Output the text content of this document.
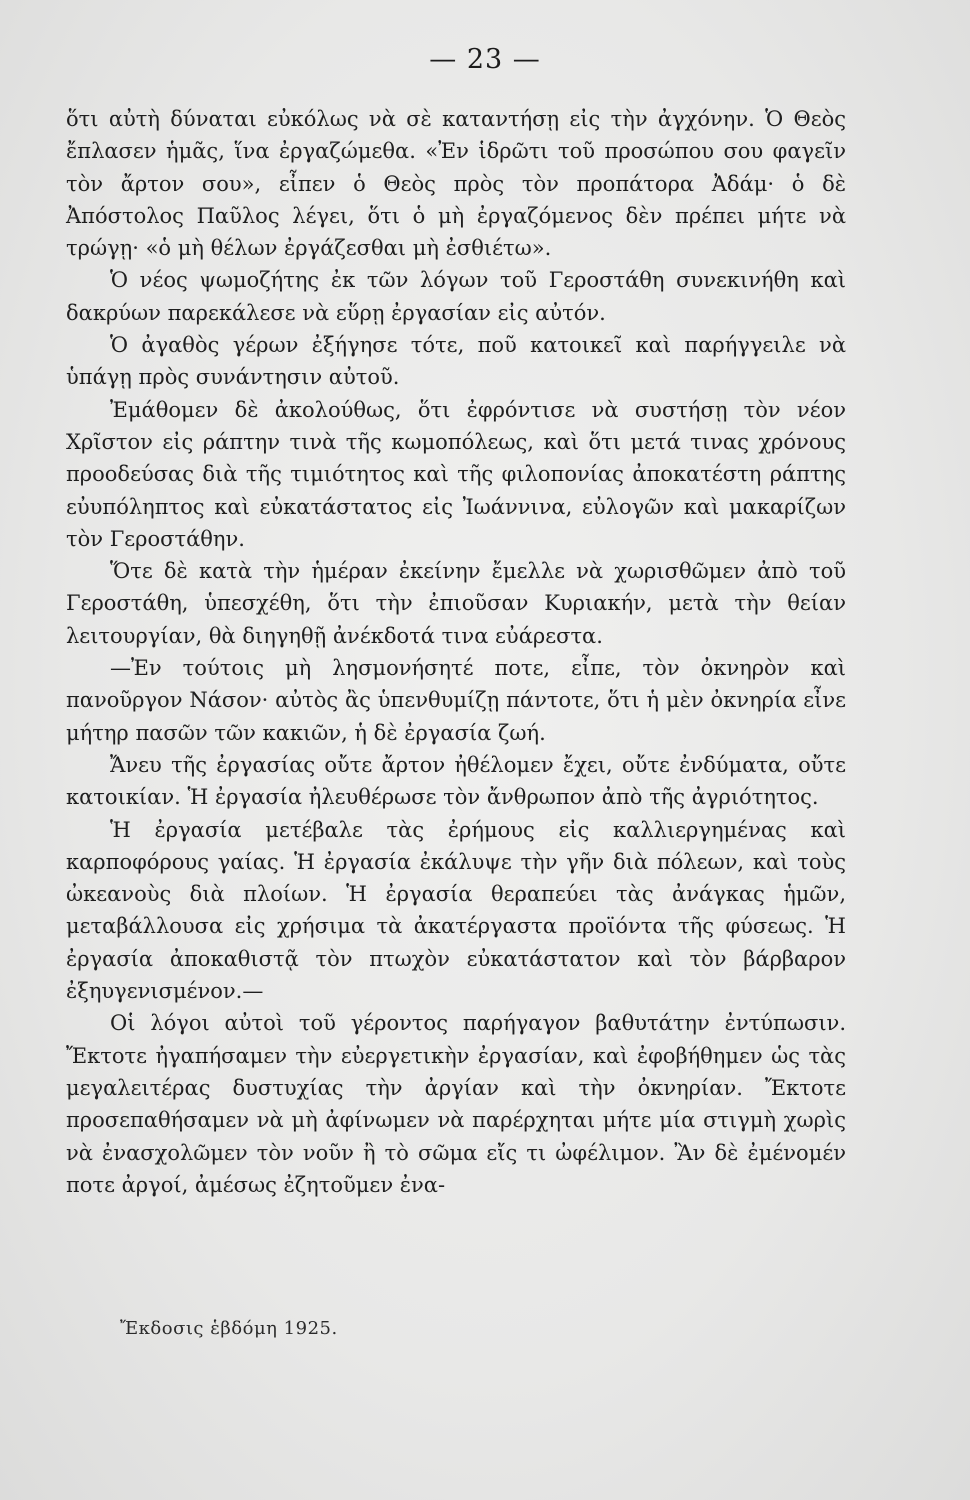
— 23 —

ὅτι αὐτὴ δύναται εὐκόλως νὰ σὲ καταντήσῃ εἰς τὴν ἀγχόνην. Ὁ Θεὸς ἔπλασεν ἡμᾶς, ἵνα ἐργαζώμεθα. «Ἐν ἱδρῶτι τοῦ προσώπου σου φαγεῖν τὸν ἄρτον σου», εἶπεν ὁ Θεὸς πρὸς τὸν προπάτορα Ἀδάμ· ὁ δὲ Ἀπόστολος Παῦλος λέγει, ὅτι ὁ μὴ ἐργαζόμενος δὲν πρέπει μήτε νὰ τρώγῃ· «ὁ μὴ θέλων ἐργάζεσθαι μὴ ἐσθιέτω».

Ὁ νέος ψωμοζήτης ἐκ τῶν λόγων τοῦ Γεροστάθη συνεκινήθη καὶ δακρύων παρεκάλεσε νὰ εὕρῃ ἐργασίαν εἰς αὐτόν.

Ὁ ἀγαθὸς γέρων ἐξήγησε τότε, ποῦ κατοικεῖ καὶ παρήγγειλε νὰ ὑπάγῃ πρὸς συνάντησιν αὐτοῦ.

Ἐμάθομεν δὲ ἀκολούθως, ὅτι ἐφρόντισε νὰ συστήσῃ τὸν νέον Χρῖστον εἰς ράπτην τινὰ τῆς κωμοπόλεως, καὶ ὅτι μετά τινας χρόνους προοδεύσας διὰ τῆς τιμιότητος καὶ τῆς φιλοπονίας ἀποκατέστη ράπτης εὐυπόληπτος καὶ εὐκατάστατος εἰς Ἰωάννινα, εὐλογῶν καὶ μακαρίζων τὸν Γεροστάθην.

Ὅτε δὲ κατὰ τὴν ἡμέραν ἐκείνην ἔμελλε νὰ χωρισθῶμεν ἀπὸ τοῦ Γεροστάθη, ὑπεσχέθη, ὅτι τὴν ἐπιοῦσαν Κυριακήν, μετὰ τὴν θείαν λειτουργίαν, θὰ διηγηθῇ ἀνέκδοτά τινα εὐάρεστα.

—Ἐν τούτοις μὴ λησμονήσητέ ποτε, εἶπε, τὸν ὀκνηρὸν καὶ πανοῦργον Νάσον· αὐτὸς ἂς ὑπενθυμίζῃ πάντοτε, ὅτι ἡ μὲν ὀκνηρία εἶνε μήτηρ πασῶν τῶν κακιῶν, ἡ δὲ ἐργασία ζωή.

Ἄνευ τῆς ἐργασίας οὔτε ἄρτον ἠθέλομεν ἔχει, οὔτε ἐνδύματα, οὔτε κατοικίαν. Ἡ ἐργασία ἠλευθέρωσε τὸν ἄνθρωπον ἀπὸ τῆς ἀγριότητος.

Ἡ ἐργασία μετέβαλε τὰς ἐρήμους εἰς καλλιεργημένας καὶ καρποφόρους γαίας. Ἡ ἐργασία ἐκάλυψε τὴν γῆν διὰ πόλεων, καὶ τοὺς ὠκεανοὺς διὰ πλοίων. Ἡ ἐργασία θεραπεύει τὰς ἀνάγκας ἡμῶν, μεταβάλλουσα εἰς χρήσιμα τὰ ἀκατέργαστα προϊόντα τῆς φύσεως. Ἡ ἐργασία ἀποκαθιστᾷ τὸν πτωχὸν εὐκατάστατον καὶ τὸν βάρβαρον ἐξηυγενισμένον.—

Οἱ λόγοι αὐτοὶ τοῦ γέροντος παρήγαγον βαθυτάτην ἐντύπωσιν. Ἔκτοτε ἠγαπήσαμεν τὴν εὐεργετικὴν ἐργασίαν, καὶ ἐφοβήθημεν ὡς τὰς μεγαλειτέρας δυστυχίας τὴν ἀργίαν καὶ τὴν ὀκνηρίαν. Ἔκτοτε προσεπαθήσαμεν νὰ μὴ ἀφίνωμεν νὰ παρέρχηται μήτε μία στιγμὴ χωρὶς νὰ ἐνασχολῶμεν τὸν νοῦν ἢ τὸ σῶμα εἴς τι ὠφέλιμον. Ἂν δὲ ἐμένομέν ποτε ἀργοί, ἀμέσως ἐζητοῦμεν ἐνα-

Ἔκδοσις ἑβδόμη 1925.
